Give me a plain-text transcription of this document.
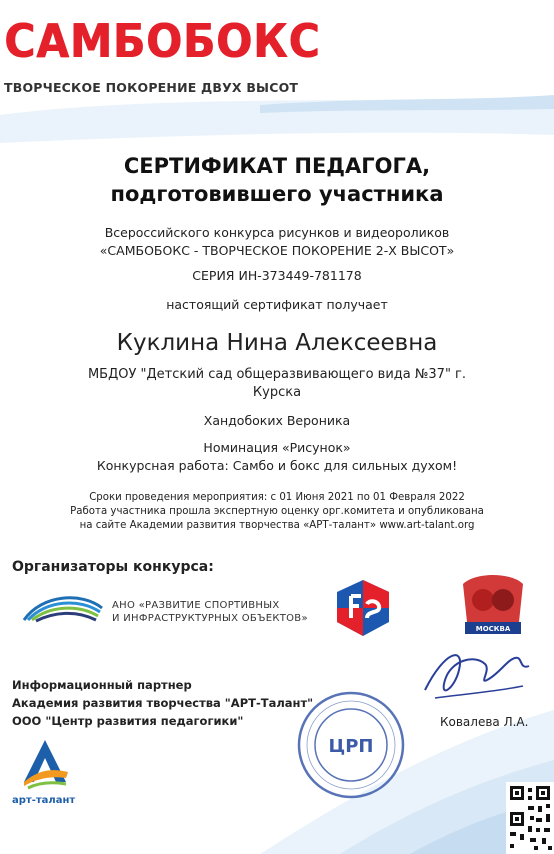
САМБОБОКС
ТВОРЧЕСКОЕ ПОКОРЕНИЕ ДВУХ ВЫСОТ
СЕРТИФИКАТ ПЕДАГОГА,
подготовившего участника
Всероссийского конкурса рисунков и видеороликов
«САМБОБОКС - ТВОРЧЕСКОЕ ПОКОРЕНИЕ 2-Х ВЫСОТ»
СЕРИЯ ИН-373449-781178
настоящий сертификат получает
Куклина Нина Алексеевна
МБДОУ "Детский сад общеразвивающего вида №37" г. Курска
Хандобоких Вероника
Номинация «Рисунок»
Конкурсная работа: Самбо и бокс для сильных духом!
Сроки проведения мероприятия: с 01 Июня 2021 по 01 Февраля 2022
Работа участника прошла экспертную оценку орг.комитета и опубликована
на сайте Академии развития творчества «АРТ-талант» www.art-talant.org
Организаторы конкурса:
АНО «РАЗВИТИЕ СПОРТИВНЫХ
И ИНФРАСТРУКТУРНЫХ ОБЪЕКТОВ»
МОСКВА
Информационный партнер
Академия развития творчества "АРТ-Талант"
ООО "Центр развития педагогики"
арт-талант
ЦРП
Ковалева Л.А.
